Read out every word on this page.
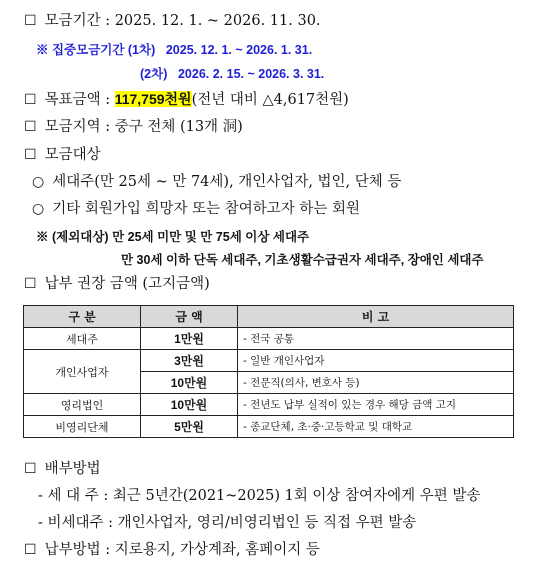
☐ 모금기간 : 2025. 12. 1. ~ 2026. 11. 30.
※ 집중모금기간 (1차) 2025. 12. 1. ~ 2026. 1. 31.
(2차) 2026. 2. 15. ~ 2026. 3. 31.
☐ 목표금액 : 117,759천원(전년 대비 △4,617천원)
☐ 모금지역 : 중구 전체 (13개 洞)
☐ 모금대상
○ 세대주(만 25세 ~ 만 74세), 개인사업자, 법인, 단체 등
○ 기타 회원가입 희망자 또는 참여하고자 하는 회원
※ (제외대상) 만 25세 미만 및 만 75세 이상 세대주
만 30세 이하 단독 세대주, 기초생활수급권자 세대주, 장애인 세대주
☐ 납부 권장 금액 (고지금액)
구 분	금 액	비 고
세대주	1만원	- 전국 공통
개인사업자	3만원	- 일반 개인사업자
	10만원	- 전문직(의사, 변호사 등)
영리법인	10만원	- 전년도 납부 실적이 있는 경우 해당 금액 고지
비영리단체	5만원	- 종교단체, 초·중·고등학교 및 대학교
☐ 배부방법
- 세 대 주 : 최근 5년간(2021~2025) 1회 이상 참여자에게 우편 발송
- 비세대주 : 개인사업자, 영리/비영리법인 등 직접 우편 발송
☐ 납부방법 : 지로용지, 가상계좌, 홈페이지 등
